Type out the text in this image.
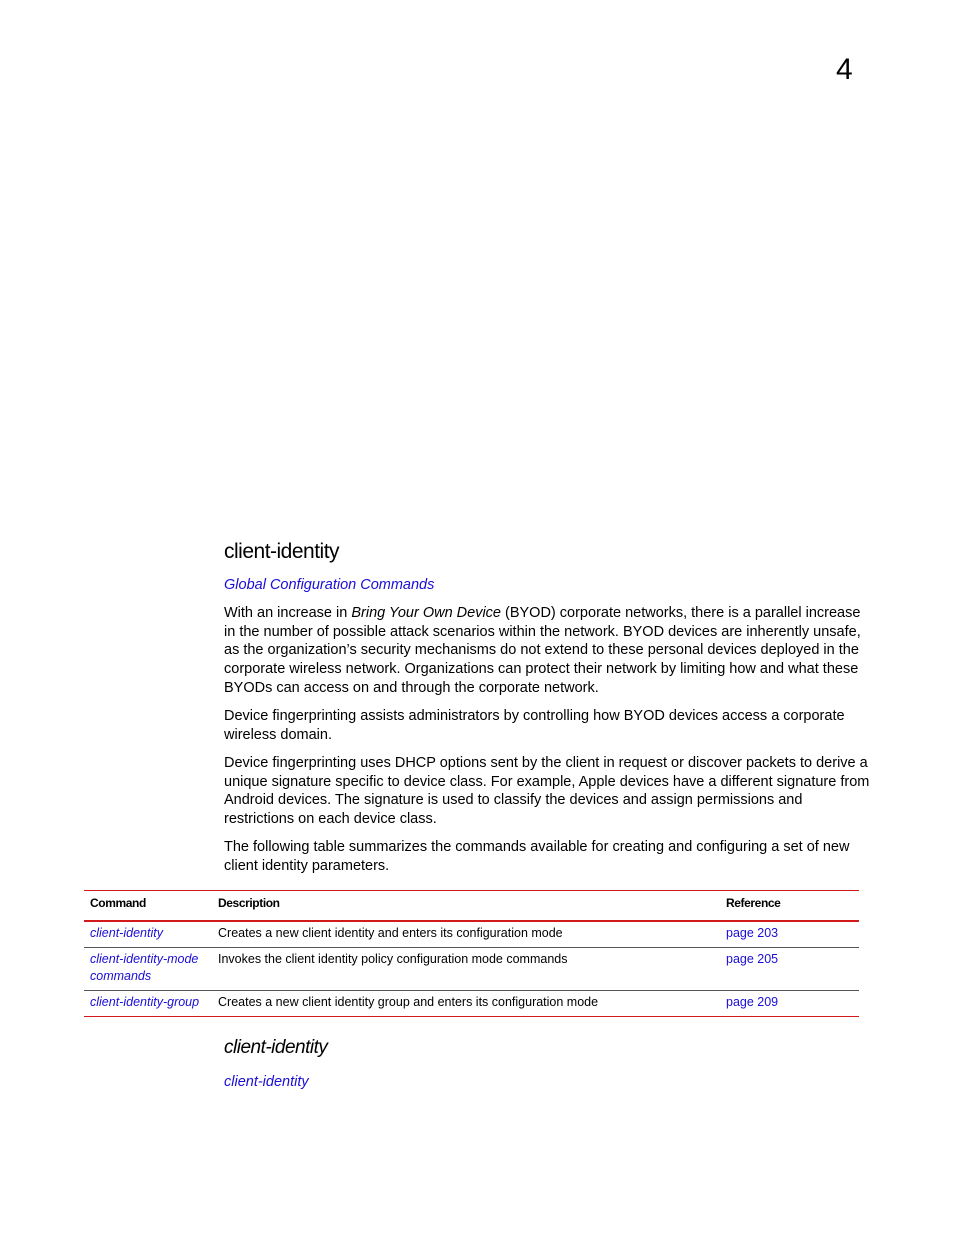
4
client-identity
Global Configuration Commands

With an increase in Bring Your Own Device (BYOD) corporate networks, there is a parallel increase in the number of possible attack scenarios within the network. BYOD devices are inherently unsafe, as the organization’s security mechanisms do not extend to these personal devices deployed in the corporate wireless network. Organizations can protect their network by limiting how and what these BYODs can access on and through the corporate network.

Device fingerprinting assists administrators by controlling how BYOD devices access a corporate wireless domain.

Device fingerprinting uses DHCP options sent by the client in request or discover packets to derive a unique signature specific to device class. For example, Apple devices have a different signature from Android devices. The signature is used to classify the devices and assign permissions and restrictions on each device class.

The following table summarizes the commands available for creating and configuring a set of new client identity parameters.

Command	Description	Reference
client-identity	Creates a new client identity and enters its configuration mode	page 203
client-identity-mode commands	Invokes the client identity policy configuration mode commands	page 205
client-identity-group	Creates a new client identity group and enters its configuration mode	page 209
client-identity
client-identity
